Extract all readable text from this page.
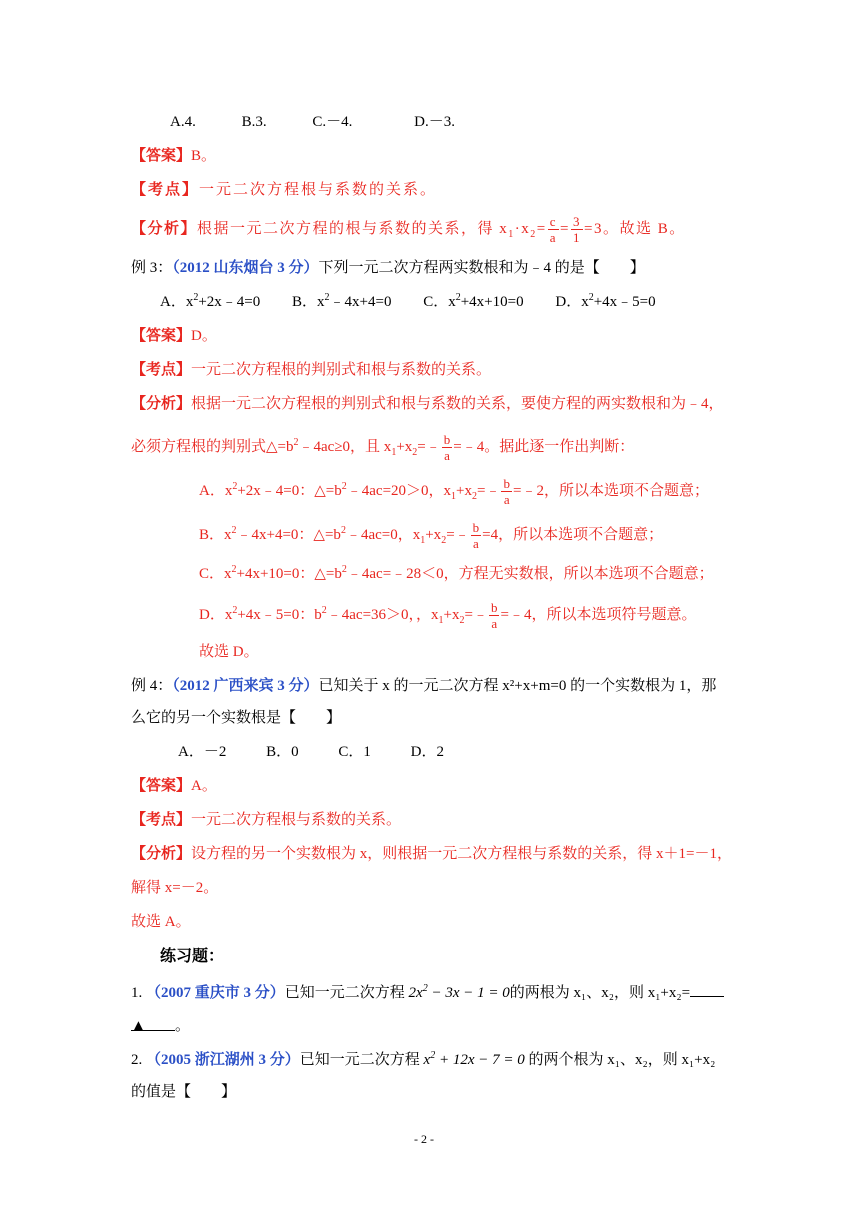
A.4.	B.3.	C.－4.	D.－3.
【答案】B。
【考点】一元二次方程根与系数的关系。
【分析】根据一元二次方程的根与系数的关系，得 $x_1\cdot x_2= \frac{c}{a} = \frac{3}{1} =3$。故选 B。
例 3：（2012 山东烟台 3 分）下列一元二次方程两实数根和为﹣4 的是【　　】
A．$x^2+2x﹣4=0$ B．$x^2﹣4x+4=0$ C．$x^2+4x+10=0$ D．$x^2+4x﹣5=0$
【答案】D。
【考点】一元二次方程根的判别式和根与系数的关系。
【分析】根据一元二次方程根的判别式和根与系数的关系，要使方程的两实数根和为﹣4，
必须方程根的判别式$\triangle=b^2﹣4ac\ge 0$，且 $x_1+x_2=﹣ \frac{b}{a}$ =﹣4。据此逐一作出判断：
A．$x^2+2x﹣4=0$：$\triangle=b^2﹣4ac=20>0$，$x_1+x_2=﹣ \frac{b}{a}$ =﹣2，所以本选项不合题意；
B．$x^2﹣4x+4=0$：$\triangle=b^2﹣4ac=0$，$x_1+x_2=﹣ \frac{b}{a} =4$，所以本选项不合题意；
C．$x^2+4x+10=0$：$\triangle=b^2﹣4ac=﹣28<0$，方程无实数根，所以本选项不合题意；
D．$x^2+4x﹣5=0$：$b^2﹣4ac=36>0$，，$x_1+x_2=﹣ \frac{b}{a}$ =﹣4，所以本选项符号题意。
故选 D。
例 4：（2012 广西来宾 3 分）已知关于 x 的一元二次方程 x²+x+m=0 的一个实数根为 1，那
么它的另一个实数根是【　　】
A．－2	B．0	C．1	D．2
【答案】A。
【考点】一元二次方程根与系数的关系。
【分析】设方程的另一个实数根为 x，则根据一元二次方程根与系数的关系，得 x＋1=－1，
解得 x=－2。
故选 A。
练习题：
1. （2007 重庆市 3 分）已知一元二次方程 $2x^2 - 3x - 1 = 0$的两根为 x₁、x₂，则 x₁+x₂=
▲ 。
2. （2005 浙江湖州 3 分）已知一元二次方程 $x^2 + 12x - 7 = 0$ 的两个根为 x₁、x₂，则 x₁+x₂
的值是【　　】
- 2 -
